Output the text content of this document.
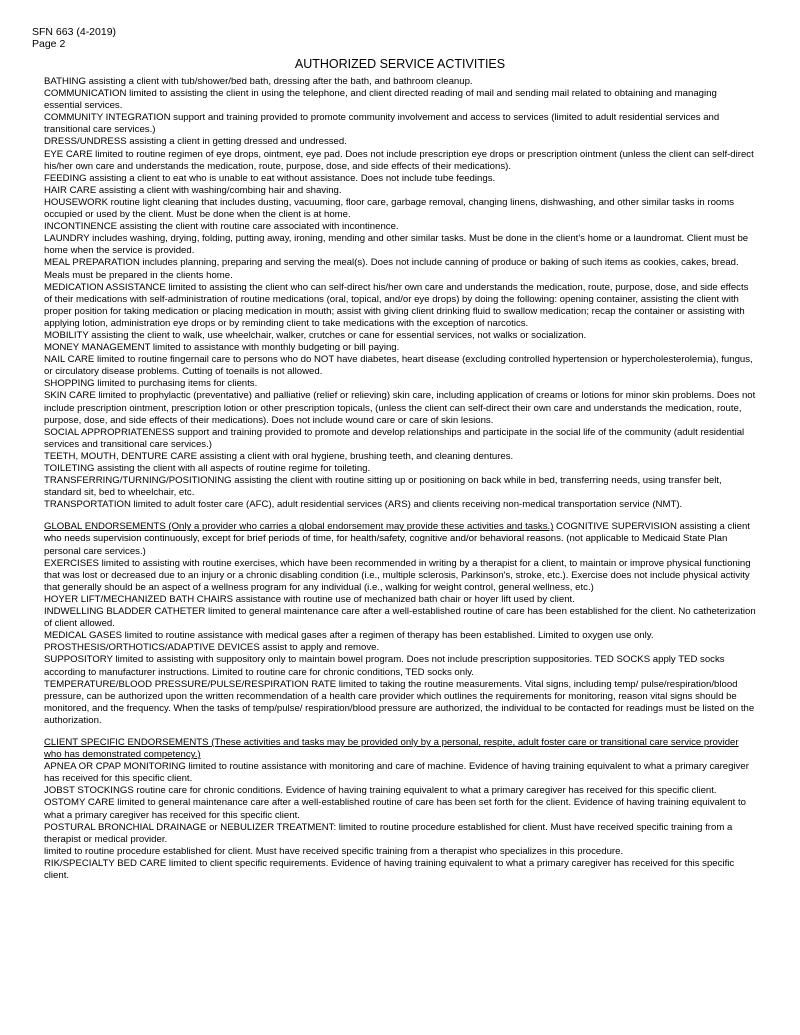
SFN 663 (4-2019)
Page 2
AUTHORIZED SERVICE ACTIVITIES

BATHING assisting a client with tub/shower/bed bath, dressing after the bath, and bathroom cleanup.

COMMUNICATION limited to assisting the client in using the telephone, and client directed reading of mail and sending mail related to obtaining and managing essential services.

COMMUNITY INTEGRATION support and training provided to promote community involvement and access to services (limited to adult residential services and transitional care services.)

DRESS/UNDRESS assisting a client in getting dressed and undressed.

EYE CARE limited to routine regimen of eye drops, ointment, eye pad. Does not include prescription eye drops or prescription ointment (unless the client can self-direct his/her own care and understands the medication, route, purpose, dose, and side effects of their medications).

FEEDING assisting a client to eat who is unable to eat without assistance. Does not include tube feedings.

HAIR CARE assisting a client with washing/combing hair and shaving.

HOUSEWORK routine light cleaning that includes dusting, vacuuming, floor care, garbage removal, changing linens, dishwashing, and other similar tasks in rooms occupied or used by the client. Must be done when the client is at home.

INCONTINENCE assisting the client with routine care associated with incontinence.

LAUNDRY includes washing, drying, folding, putting away, ironing, mending and other similar tasks. Must be done in the client's home or a laundromat. Client must be home when the service is provided.

MEAL PREPARATION includes planning, preparing and serving the meal(s). Does not include canning of produce or baking of such items as cookies, cakes, bread. Meals must be prepared in the clients home.

MEDICATION ASSISTANCE limited to assisting the client who can self-direct his/her own care and understands the medication, route, purpose, dose, and side effects of their medications with self-administration of routine medications (oral, topical, and/or eye drops) by doing the following: opening container, assisting the client with proper position for taking medication or placing medication in mouth; assist with giving client drinking fluid to swallow medication; recap the container or assisting with applying lotion, administration eye drops or by reminding client to take medications with the exception of narcotics.

MOBILITY assisting the client to walk, use wheelchair, walker, crutches or cane for essential services, not walks or socialization.

MONEY MANAGEMENT limited to assistance with monthly budgeting or bill paying.

NAIL CARE limited to routine fingernail care to persons who do NOT have diabetes, heart disease (excluding controlled hypertension or hypercholesterolemia), fungus, or circulatory disease problems. Cutting of toenails is not allowed.

SHOPPING limited to purchasing items for clients.

SKIN CARE limited to prophylactic (preventative) and palliative (relief or relieving) skin care, including application of creams or lotions for minor skin problems. Does not include prescription ointment, prescription lotion or other prescription topicals, (unless the client can self-direct their own care and understands the medication, route, purpose, dose, and side effects of their medications). Does not include wound care or care of skin lesions.

SOCIAL APPROPRIATENESS support and training provided to promote and develop relationships and participate in the social life of the community (adult residential services and transitional care services.)

TEETH, MOUTH, DENTURE CARE assisting a client with oral hygiene, brushing teeth, and cleaning dentures.

TOILETING assisting the client with all aspects of routine regime for toileting.

TRANSFERRING/TURNING/POSITIONING assisting the client with routine sitting up or positioning on back while in bed, transferring needs, using transfer belt, standard sit, bed to wheelchair, etc.

TRANSPORTATION limited to adult foster care (AFC), adult residential services (ARS) and clients receiving non-medical transportation service (NMT).

GLOBAL ENDORSEMENTS (Only a provider who carries a global endorsement may provide these activities and tasks.) COGNITIVE SUPERVISION assisting a client who needs supervision continuously, except for brief periods of time, for health/safety, cognitive and/or behavioral reasons. (not applicable to Medicaid State Plan personal care services.)

EXERCISES limited to assisting with routine exercises, which have been recommended in writing by a therapist for a client, to maintain or improve physical functioning that was lost or decreased due to an injury or a chronic disabling condition (i.e., multiple sclerosis, Parkinson's, stroke, etc.). Exercise does not include physical activity that generally should be an aspect of a wellness program for any individual (i.e., walking for weight control, general wellness, etc.)

HOYER LIFT/MECHANIZED BATH CHAIRS assistance with routine use of mechanized bath chair or hoyer lift used by client.

INDWELLING BLADDER CATHETER limited to general maintenance care after a well-established routine of care has been established for the client. No catheterization of client allowed.

MEDICAL GASES limited to routine assistance with medical gases after a regimen of therapy has been established. Limited to oxygen use only.

PROSTHESIS/ORTHOTICS/ADAPTIVE DEVICES assist to apply and remove.

SUPPOSITORY limited to assisting with suppository only to maintain bowel program. Does not include prescription suppositories. TED SOCKS apply TED socks according to manufacturer instructions. Limited to routine care for chronic conditions, TED socks only.

TEMPERATURE/BLOOD PRESSURE/PULSE/RESPIRATION RATE limited to taking the routine measurements. Vital signs, including temp/ pulse/respiration/blood pressure, can be authorized upon the written recommendation of a health care provider which outlines the requirements for monitoring, reason vital signs should be monitored, and the frequency. When the tasks of temp/pulse/ respiration/blood pressure are authorized, the individual to be contacted for readings must be listed on the authorization.

CLIENT SPECIFIC ENDORSEMENTS (These activities and tasks may be provided only by a personal, respite, adult foster care or transitional care service provider who has demonstrated competency.)

APNEA OR CPAP MONITORING limited to routine assistance with monitoring and care of machine. Evidence of having training equivalent to what a primary caregiver has received for this specific client.

JOBST STOCKINGS routine care for chronic conditions. Evidence of having training equivalent to what a primary caregiver has received for this specific client.

OSTOMY CARE limited to general maintenance care after a well-established routine of care has been set forth for the client. Evidence of having training equivalent to what a primary caregiver has received for this specific client.

POSTURAL BRONCHIAL DRAINAGE or NEBULIZER TREATMENT: limited to routine procedure established for client. Must have received specific training from a therapist or medical provider.

limited to routine procedure established for client. Must have received specific training from a therapist who specializes in this procedure.

RIK/SPECIALTY BED CARE limited to client specific requirements. Evidence of having training equivalent to what a primary caregiver has received for this specific client.
